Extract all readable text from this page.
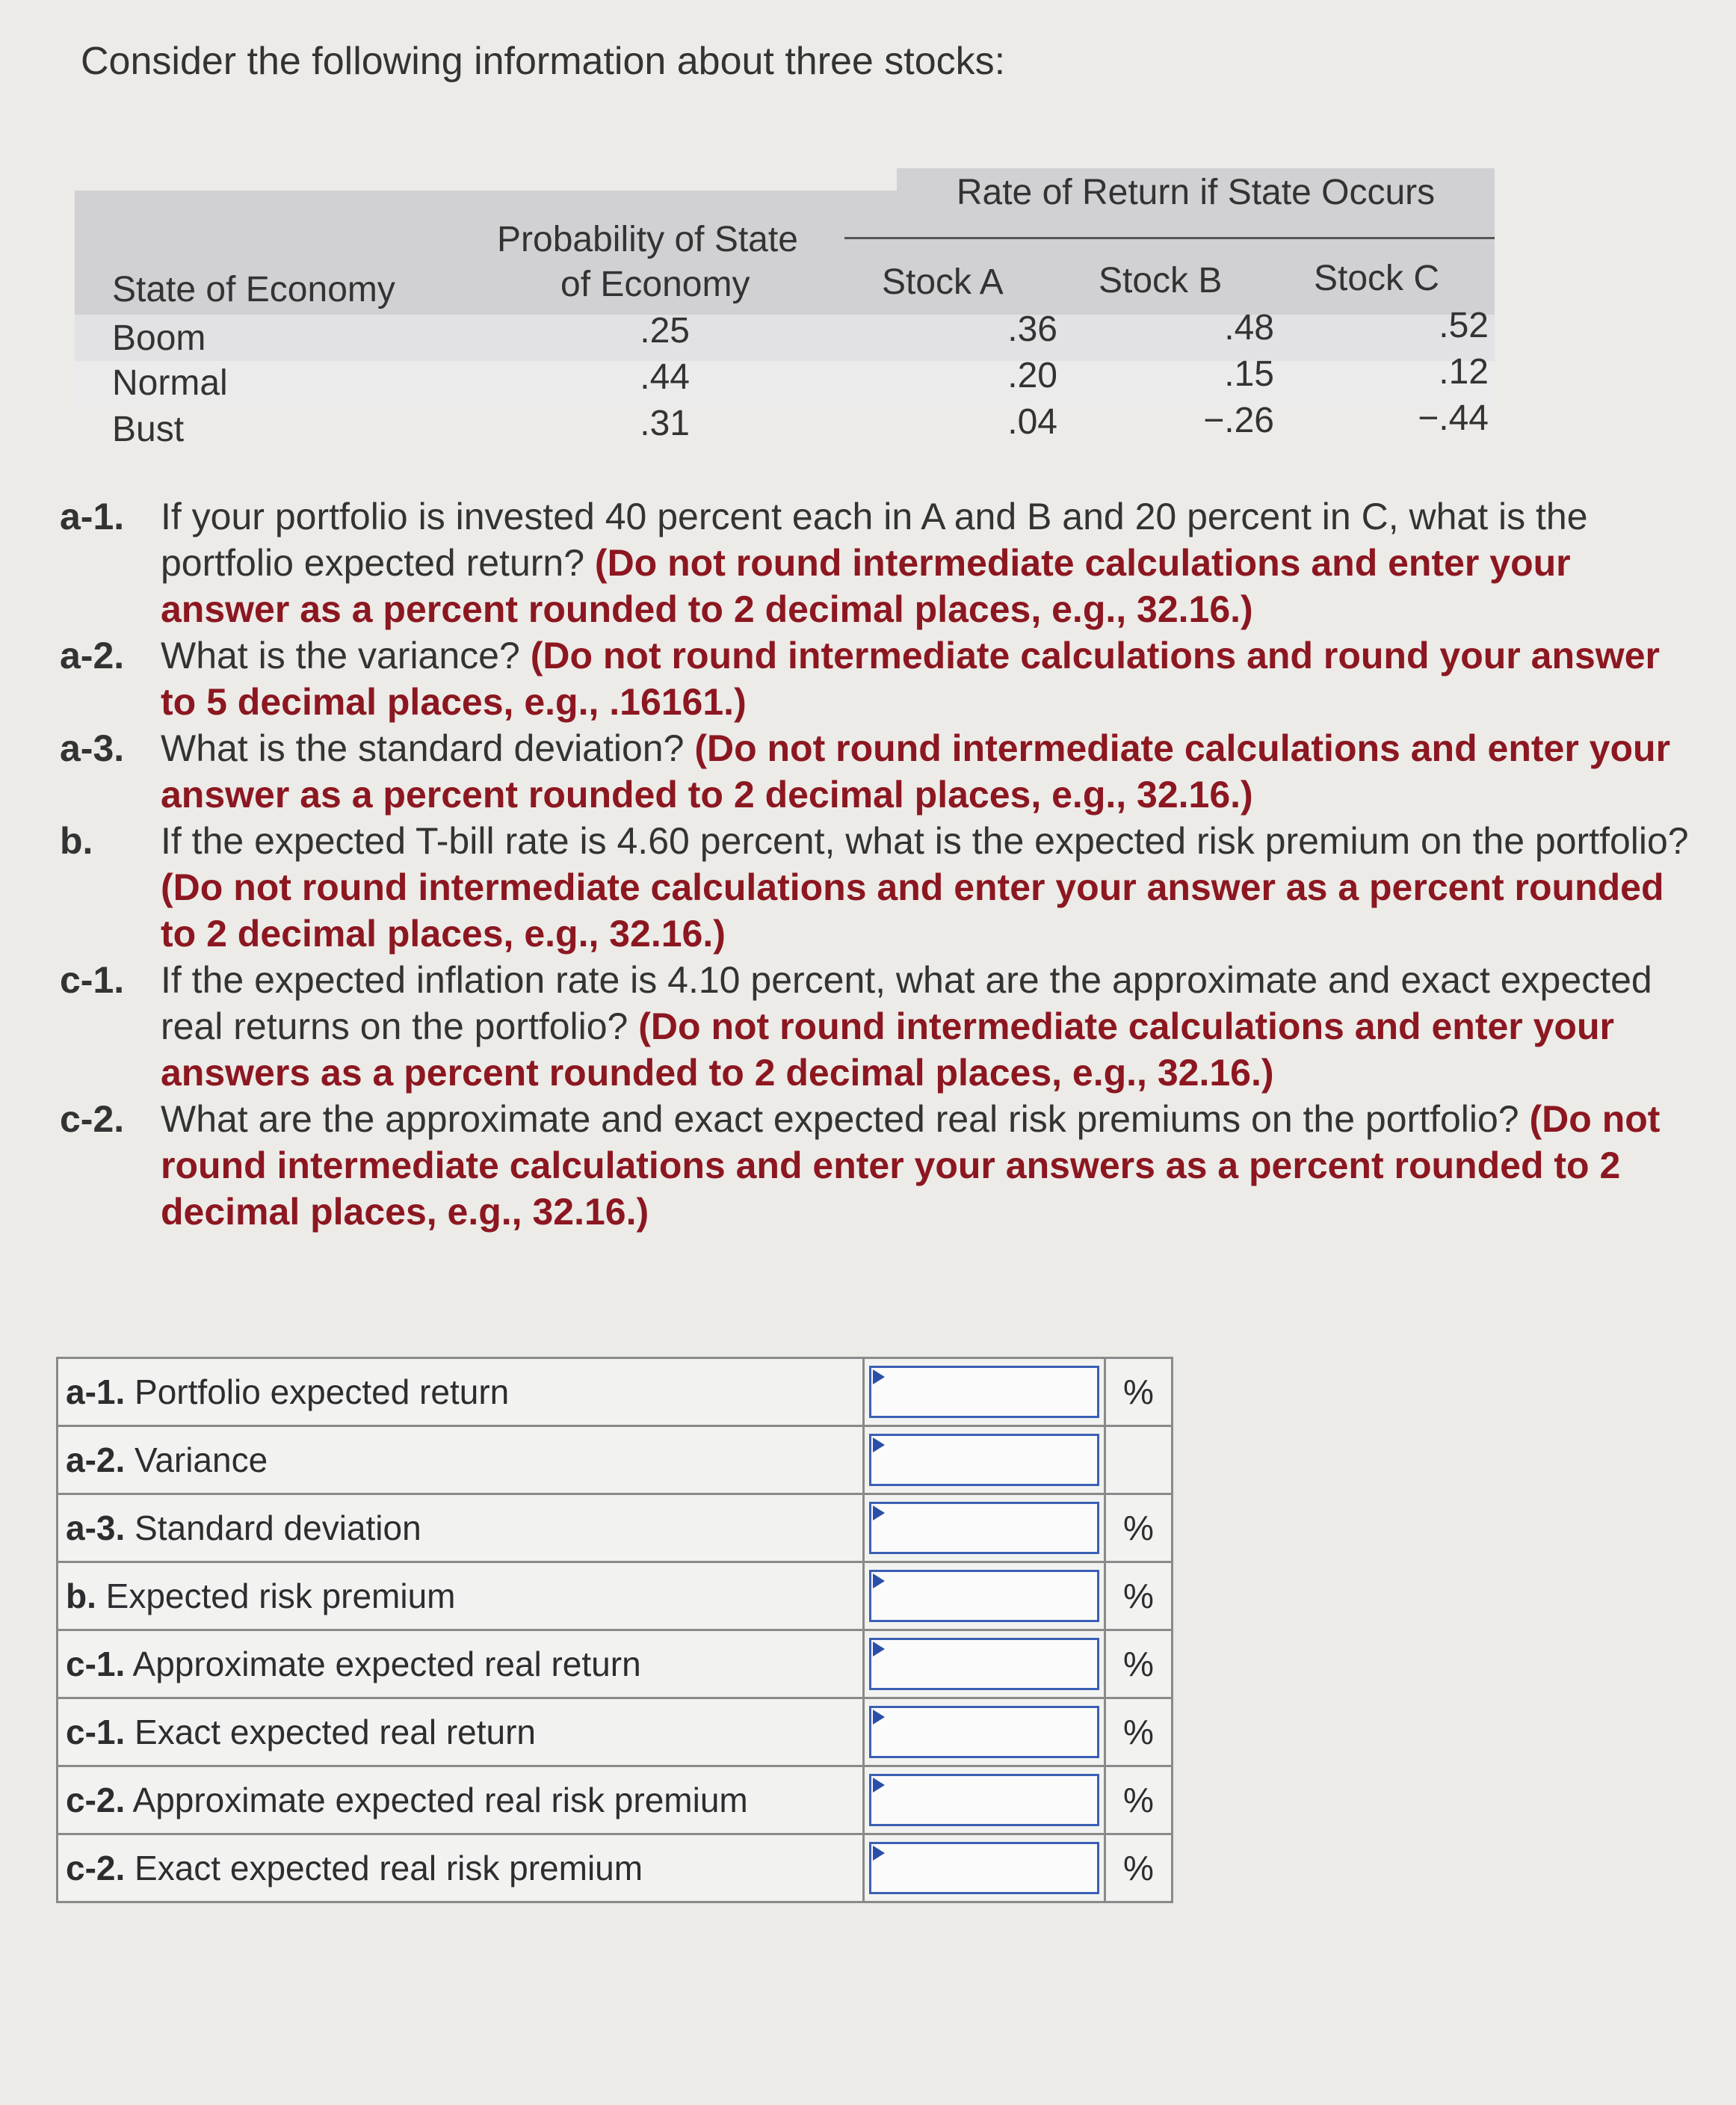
Consider the following information about three stocks:
Rate of Return if State Occurs
State of Economy
Probability of State
of Economy	Stock A	Stock B	Stock C
Boom	.25	.36	.48	.52
Normal	.44	.20	.15	.12
Bust	.31	.04	−.26	−.44
a-1. If your portfolio is invested 40 percent each in A and B and 20 percent in C, what is the portfolio expected return? (Do not round intermediate calculations and enter your answer as a percent rounded to 2 decimal places, e.g., 32.16.)
a-2. What is the variance? (Do not round intermediate calculations and round your answer to 5 decimal places, e.g., .16161.)
a-3. What is the standard deviation? (Do not round intermediate calculations and enter your answer as a percent rounded to 2 decimal places, e.g., 32.16.)
b. If the expected T-bill rate is 4.60 percent, what is the expected risk premium on the portfolio? (Do not round intermediate calculations and enter your answer as a percent rounded to 2 decimal places, e.g., 32.16.)
c-1. If the expected inflation rate is 4.10 percent, what are the approximate and exact expected real returns on the portfolio? (Do not round intermediate calculations and enter your answers as a percent rounded to 2 decimal places, e.g., 32.16.)
c-2. What are the approximate and exact expected real risk premiums on the portfolio? (Do not round intermediate calculations and enter your answers as a percent rounded to 2 decimal places, e.g., 32.16.)
a-1. Portfolio expected return		%
a-2. Variance	

a-3. Standard deviation		%
b. Expected risk premium		%
c-1. Approximate expected real return		%
c-1. Exact expected real return		%
c-2. Approximate expected real risk premium		%
c-2. Exact expected real risk premium		%
